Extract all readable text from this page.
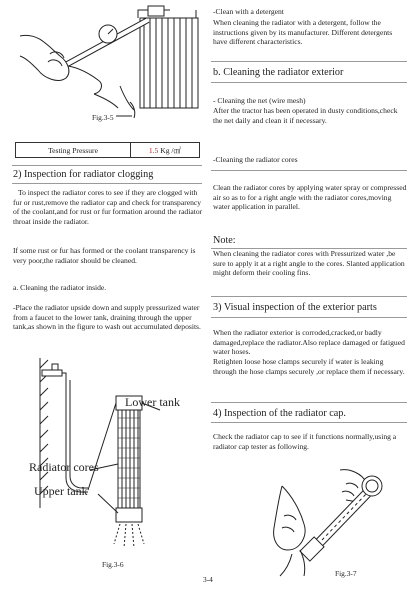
Fig.3-5
Testing Pressure	1.5 Kg /㎠
2) Inspection for radiator clogging
To inspect the radiator cores to see if they are clogged with fur or rust,remove the radiator cap and check for transparency of the coolant,and for rust or fur formation around the radiator throat inside the radiator.
If some rust or fur has formed or the coolant transparency is very poor,the radiator should be cleaned.
a. Cleaning the radiator inside.
-Place the radiator upside down and supply pressurized water from a faucet to the lower tank, draining through the upper tank,as shown in the figure to wash out accumulated deposits.
Lower tank
Radiator cores
Upper tank
Fig.3-6
-Clean with a detergent
When cleaning the radiator with a detergent, follow the instructions given by its manufacturer. Different detergents have different characteristics.
b. Cleaning the radiator exterior
- Cleaning the net (wire mesh)
After the tractor has been operated in dusty conditions,check the net daily and clean it if necessary.
-Cleaning the radiator cores
Clean the radiator cores by applying water spray or compressed air so as to for a right angle with the radiator cores,moving water application in parallel.
Note:
When cleaning the radiator cores with Pressurized water ,be sure to apply it at a right angle to the cores. Slanted application might deform their cooling fins.
3) Visual inspection of the exterior parts
When the radiator exterior is corroded,cracked,or badly damaged,replace the radiator.Also replace damaged or fatigued water hoses.
Retighten loose hose clamps securely if water is leaking through the hose clamps securely ,or replace them if necessary.
4) Inspection of the radiator cap.
Check the radiator cap to see if it functions normally,using a radiator cap tester as following.
Fig.3-7
3-4
